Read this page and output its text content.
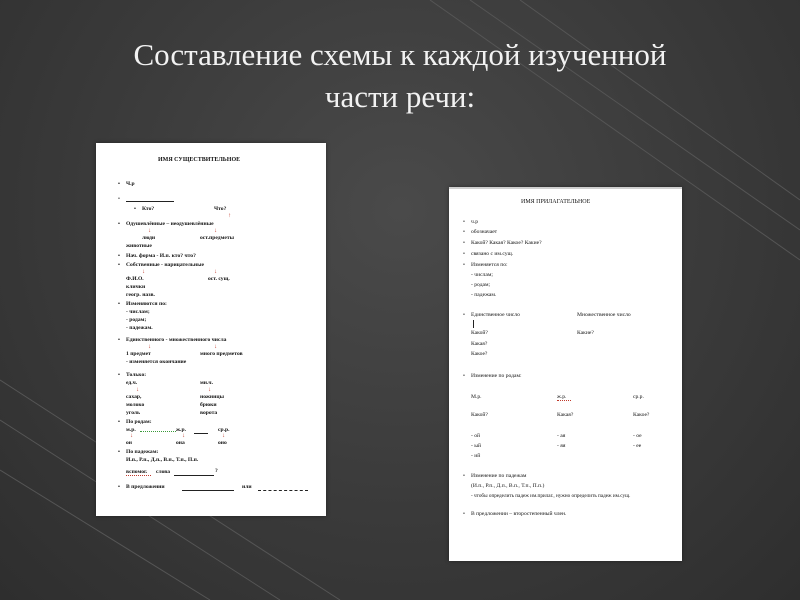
Составление схемы к каждой изученной
части речи:
ИМЯ СУЩЕСТВИТЕЛЬНОЕ
• Ч.р
• Кто?	Что?
↑
• Одушевлённые – неодушевлённые
↓	↓
люди	ост.предметы
животные
• Нач. форма - И.п. кто? что?
• Собственные - нарицательные
↓	↓
Ф.И.О.	ост. сущ.
клички
геогр. назв.
• Изменяются по:
- числам;
- родам;
- падежам.
• Единственного - множественного числа
↓	↓
1 предмет	много предметов
- изменяется окончание
• Только:
ед.ч.	мн.ч.
↓	↓
сахар,	ножницы
молоко	брюки
уголь	ворота
• По родам:
м.р.	ж.р.	ср.р.
↓	↓	↓
он	она	оно
• По падежам:
И.п., Р.п., Д.п., В.п., Т.п., П.п.
вспомог. слова	?
• В предложении	или
ИМЯ ПРИЛАГАТЕЛЬНОЕ
• ч.р
• обозначает
• Какой? Какая? Какое? Какие?
• связано с им.сущ.
• Изменяется по:
- числам;
- родам;
- падежам.
• Единственное число	Множественное число
Какой?	Какие?
Какая?
Какое?
• Изменение по родам:
М.р.	ж.р.	ср.р.
Какой?	Какая?	Какое?
- ой	- ая	- ое
- ый	- яя	- ее
- ий
• Изменение по падежам
(И.п., Р.п., Д.п., В.п., Т.п., П.п.)
- чтобы определить падеж им.прилаг., нужно определить падеж им.сущ.
• В предложении – второстепенный член.
